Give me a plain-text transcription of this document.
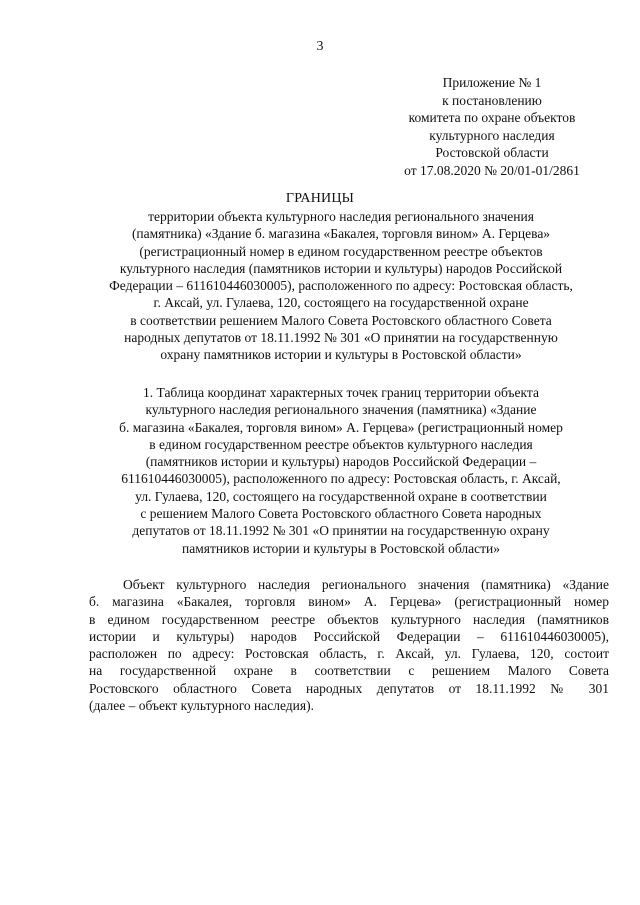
3
Приложение № 1
к постановлению
комитета по охране объектов
культурного наследия
Ростовской области
от 17.08.2020 № 20/01-01/2861
ГРАНИЦЫ
территории объекта культурного наследия регионального значения
(памятника) «Здание б. магазина «Бакалея, торговля вином» А. Герцева»
(регистрационный номер в едином государственном реестре объектов
культурного наследия (памятников истории и культуры) народов Российской
Федерации – 611610446030005), расположенного по адресу: Ростовская область,
г. Аксай, ул. Гулаева, 120, состоящего на государственной охране
в соответствии решением Малого Совета Ростовского областного Совета
народных депутатов от 18.11.1992 № 301 «О принятии на государственную
охрану памятников истории и культуры в Ростовской области»
1. Таблица координат характерных точек границ территории объекта
культурного наследия регионального значения (памятника) «Здание
б. магазина «Бакалея, торговля вином» А. Герцева» (регистрационный номер
в едином государственном реестре объектов культурного наследия
(памятников истории и культуры) народов Российской Федерации –
611610446030005), расположенного по адресу: Ростовская область, г. Аксай,
ул. Гулаева, 120, состоящего на государственной охране в соответствии
с решением Малого Совета Ростовского областного Совета народных
депутатов от 18.11.1992 № 301 «О принятии на государственную охрану
памятников истории и культуры в Ростовской области»
Объект культурного наследия регионального значения (памятника) «Здание
б. магазина «Бакалея, торговля вином» А. Герцева» (регистрационный номер
в едином государственном реестре объектов культурного наследия (памятников
истории и культуры) народов Российской Федерации – 611610446030005),
расположен по адресу: Ростовская область, г. Аксай, ул. Гулаева, 120, состоит
на государственной охране в соответствии с решением Малого Совета
Ростовского областного Совета народных депутатов от 18.11.1992 № 301
(далее – объект культурного наследия).
